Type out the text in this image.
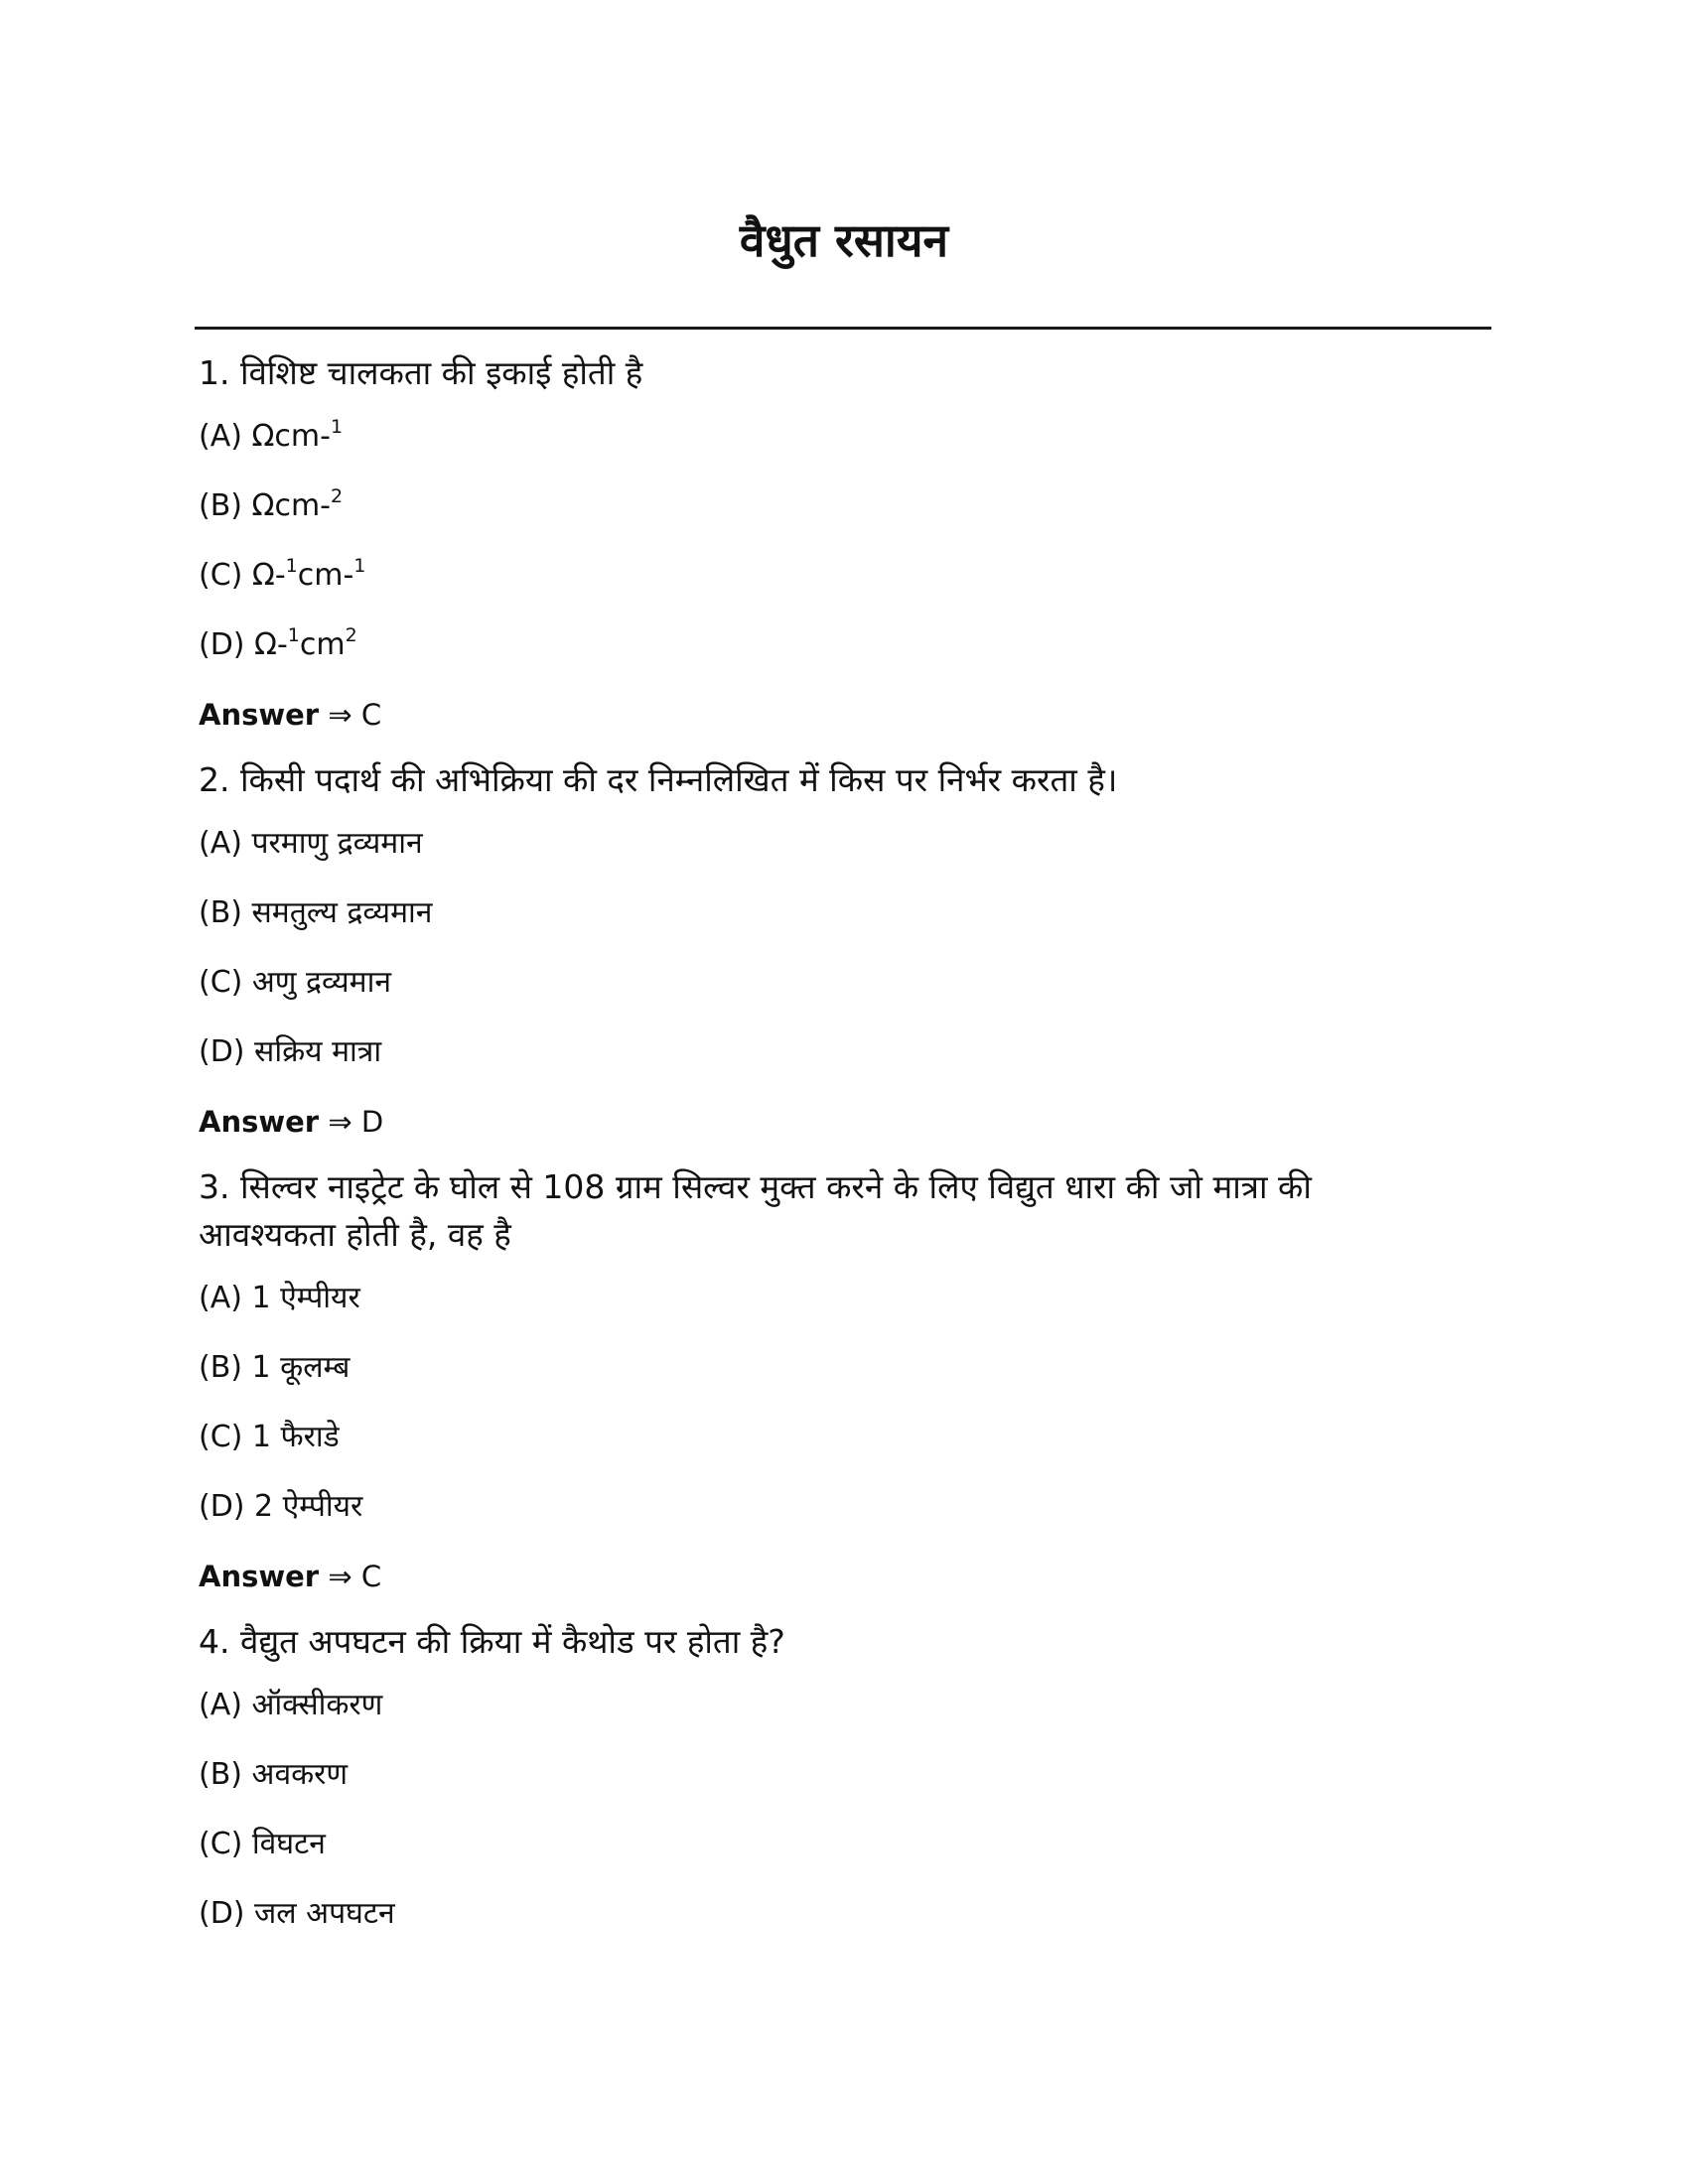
वैधुत रसायन
1. विशिष्ट चालकता की इकाई होती है
(A) Ωcm-$^1$
(B) Ωcm-$^2$
(C) Ω-$^1$cm-$^1$
(D) $\Omega-^1cm^2$
Answer ⇒ C
2. किसी पदार्थ की अभिक्रिया की दर निम्नलिखित में किस पर निर्भर करता है।
(A) परमाणु द्रव्यमान
(B) समतुल्य द्रव्यमान
(C) अणु द्रव्यमान
(D) सक्रिय मात्रा
Answer ⇒ D
3. सिल्वर नाइट्रेट के घोल से 108 ग्राम सिल्वर मुक्त करने के लिए विद्युत धारा की जो मात्रा की
आवश्यकता होती है, वह है
(A) 1 ऐम्पीयर
(B) 1 कूलम्ब
(C) 1 फैराडे
(D) 2 ऐम्पीयर
Answer ⇒ C
4. वैद्युत अपघटन की क्रिया में कैथोड पर होता है?
(A) ऑक्सीकरण
(B) अवकरण
(C) विघटन
(D) जल अपघटन
